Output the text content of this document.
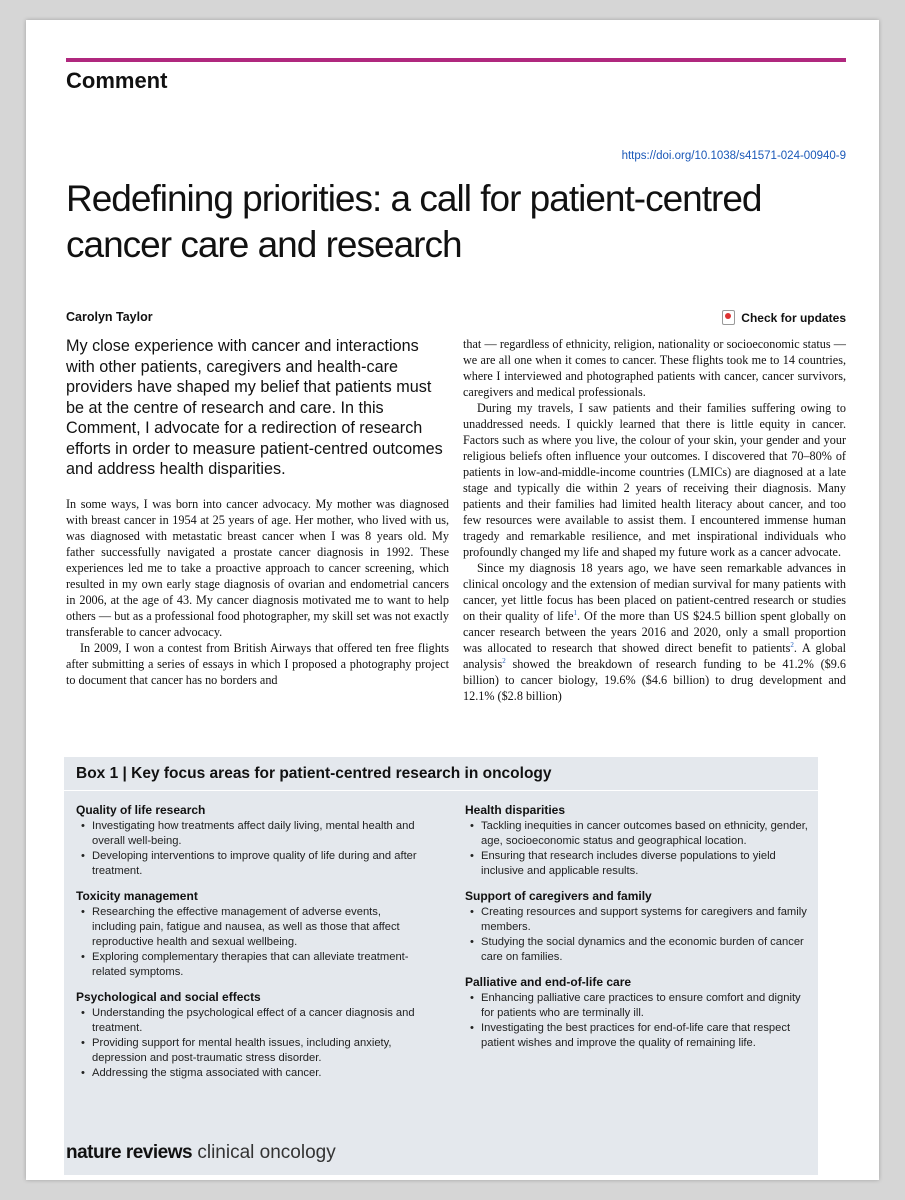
Comment
https://doi.org/10.1038/s41571-024-00940-9
Redefining priorities: a call for patient-centred cancer care and research
Carolyn Taylor	Check for updates

My close experience with cancer and interactions with other patients, caregivers and health-care providers have shaped my belief that patients must be at the centre of research and care. In this Comment, I advocate for a redirection of research efforts in order to measure patient-centred outcomes and address health disparities.

In some ways, I was born into cancer advocacy. My mother was diagnosed with breast cancer in 1954 at 25 years of age. Her mother, who lived with us, was diagnosed with metastatic breast cancer when I was 8 years old. My father successfully navigated a prostate cancer diagnosis in 1992. These experiences led me to take a proactive approach to cancer screening, which resulted in my own early stage diagnosis of ovarian and endometrial cancers in 2006, at the age of 43. My cancer diagnosis motivated me to want to help others — but as a professional food photographer, my skill set was not exactly transferable to cancer advocacy.

In 2009, I won a contest from British Airways that offered ten free flights after submitting a series of essays in which I proposed a photography project to document that cancer has no borders and

that — regardless of ethnicity, religion, nationality or socioeconomic status — we are all one when it comes to cancer. These flights took me to 14 countries, where I interviewed and photographed patients with cancer, cancer survivors, caregivers and medical professionals.

During my travels, I saw patients and their families suffering owing to unaddressed needs. I quickly learned that there is little equity in cancer. Factors such as where you live, the colour of your skin, your gender and your religious beliefs often influence your outcomes. I discovered that 70–80% of patients in low-and-middle-income countries (LMICs) are diagnosed at a late stage and typically die within 2 years of receiving their diagnosis. Many patients and their families had limited health literacy about cancer, and too few resources were available to assist them. I encountered immense human tragedy and remarkable resilience, and met inspirational individuals who profoundly changed my life and shaped my future work as a cancer advocate.

Since my diagnosis 18 years ago, we have seen remarkable advances in clinical oncology and the extension of median survival for many patients with cancer, yet little focus has been placed on patient-centred research or studies on their quality of life$^1$. Of the more than US $24.5 billion spent globally on cancer research between the years 2016 and 2020, only a small proportion was allocated to research that showed direct benefit to patients$^2$. A global analysis$^2$ showed the breakdown of research funding to be 41.2% ($9.6 billion) to cancer biology, 19.6% ($4.6 billion) to drug development and 12.1% ($2.8 billion)

Box 1 | Key focus areas for patient-centred research in oncology
Quality of life research
• Investigating how treatments affect daily living, mental health and overall well-being.
• Developing interventions to improve quality of life during and after treatment.
Toxicity management
• Researching the effective management of adverse events, including pain, fatigue and nausea, as well as those that affect reproductive health and sexual wellbeing.
• Exploring complementary therapies that can alleviate treatment-related symptoms.
Psychological and social effects
• Understanding the psychological effect of a cancer diagnosis and treatment.
• Providing support for mental health issues, including anxiety, depression and post-traumatic stress disorder.
• Addressing the stigma associated with cancer.
Health disparities
• Tackling inequities in cancer outcomes based on ethnicity, gender, age, socioeconomic status and geographical location.
• Ensuring that research includes diverse populations to yield inclusive and applicable results.
Support of caregivers and family
• Creating resources and support systems for caregivers and family members.
• Studying the social dynamics and the economic burden of cancer care on families.
Palliative and end-of-life care
• Enhancing palliative care practices to ensure comfort and dignity for patients who are terminally ill.
• Investigating the best practices for end-of-life care that respect patient wishes and improve the quality of remaining life.
nature reviews clinical oncology
